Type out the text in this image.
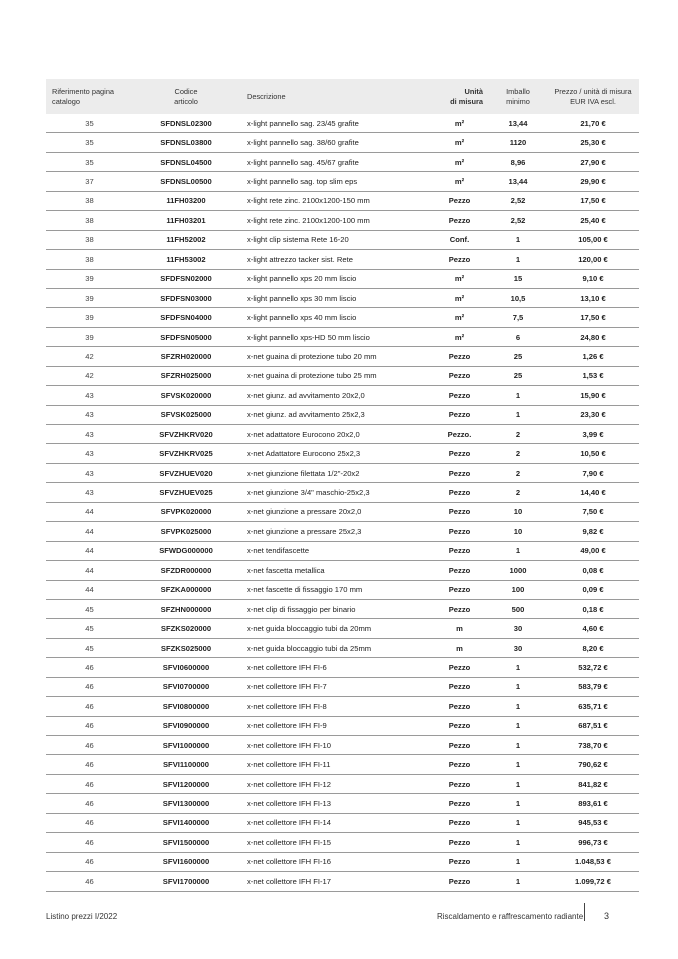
Riferimento pagina
catalogo	Codice
articolo	Descrizione	Unità
di misura	Imballo
minimo	Prezzo / unità di misura
EUR IVA escl.
35	SFDNSL02300	x-light pannello sag. 23/45 grafite	m²	13,44	21,70 €
35	SFDNSL03800	x-light pannello sag. 38/60 grafite	m²	1120	25,30 €
35	SFDNSL04500	x-light pannello sag. 45/67 grafite	m²	8,96	27,90 €
37	SFDNSL00500	x-light pannello sag. top slim eps	m²	13,44	29,90 €
38	11FH03200	x-light rete zinc. 2100x1200-150 mm	Pezzo	2,52	17,50 €
38	11FH03201	x-light rete zinc. 2100x1200-100 mm	Pezzo	2,52	25,40 €
38	11FH52002	x-light clip sistema Rete 16-20	Conf.	1	105,00 €
38	11FH53002	x-light attrezzo tacker sist. Rete	Pezzo	1	120,00 €
39	SFDFSN02000	x-light pannello xps 20 mm liscio	m²	15	9,10 €
39	SFDFSN03000	x-light pannello xps 30 mm liscio	m²	10,5	13,10 €
39	SFDFSN04000	x-light pannello xps 40 mm liscio	m²	7,5	17,50 €
39	SFDFSN05000	x-light pannello xps-HD 50 mm liscio	m²	6	24,80 €
42	SFZRH020000	x-net guaina di protezione tubo 20 mm	Pezzo	25	1,26 €
42	SFZRH025000	x-net guaina di protezione tubo 25 mm	Pezzo	25	1,53 €
43	SFVSK020000	x-net giunz. ad avvitamento 20x2,0	Pezzo	1	15,90 €
43	SFVSK025000	x-net giunz. ad avvitamento 25x2,3	Pezzo	1	23,30 €
43	SFVZHKRV020	x-net adattatore Eurocono 20x2,0	Pezzo.	2	3,99 €
43	SFVZHKRV025	x-net Adattatore Eurocono 25x2,3	Pezzo	2	10,50 €
43	SFVZHUEV020	x-net giunzione filettata 1/2"-20x2	Pezzo	2	7,90 €
43	SFVZHUEV025	x-net giunzione 3/4" maschio-25x2,3	Pezzo	2	14,40 €
44	SFVPK020000	x-net giunzione a pressare 20x2,0	Pezzo	10	7,50 €
44	SFVPK025000	x-net giunzione a pressare 25x2,3	Pezzo	10	9,82 €
44	SFWDG000000	x-net tendifascette	Pezzo	1	49,00 €
44	SFZDR000000	x-net fascetta metallica	Pezzo	1000	0,08 €
44	SFZKA000000	x-net fascette di fissaggio 170 mm	Pezzo	100	0,09 €
45	SFZHN000000	x-net clip di fissaggio per binario	Pezzo	500	0,18 €
45	SFZKS020000	x-net guida bloccaggio tubi da 20mm	m	30	4,60 €
45	SFZKS025000	x-net guida bloccaggio tubi da 25mm	m	30	8,20 €
46	SFVI0600000	x-net collettore IFH FI-6	Pezzo	1	532,72 €
46	SFVI0700000	x-net collettore IFH FI-7	Pezzo	1	583,79 €
46	SFVI0800000	x-net collettore IFH FI-8	Pezzo	1	635,71 €
46	SFVI0900000	x-net collettore IFH FI-9	Pezzo	1	687,51 €
46	SFVI1000000	x-net collettore IFH FI-10	Pezzo	1	738,70 €
46	SFVI1100000	x-net collettore IFH FI-11	Pezzo	1	790,62 €
46	SFVI1200000	x-net collettore IFH FI-12	Pezzo	1	841,82 €
46	SFVI1300000	x-net collettore IFH FI-13	Pezzo	1	893,61 €
46	SFVI1400000	x-net collettore IFH FI-14	Pezzo	1	945,53 €
46	SFVI1500000	x-net collettore IFH FI-15	Pezzo	1	996,73 €
46	SFVI1600000	x-net collettore IFH FI-16	Pezzo	1	1.048,53 €
46	SFVI1700000	x-net collettore IFH FI-17	Pezzo	1	1.099,72 €
Listino prezzi I/2022	Riscaldamento e raffrescamento radiante 3
